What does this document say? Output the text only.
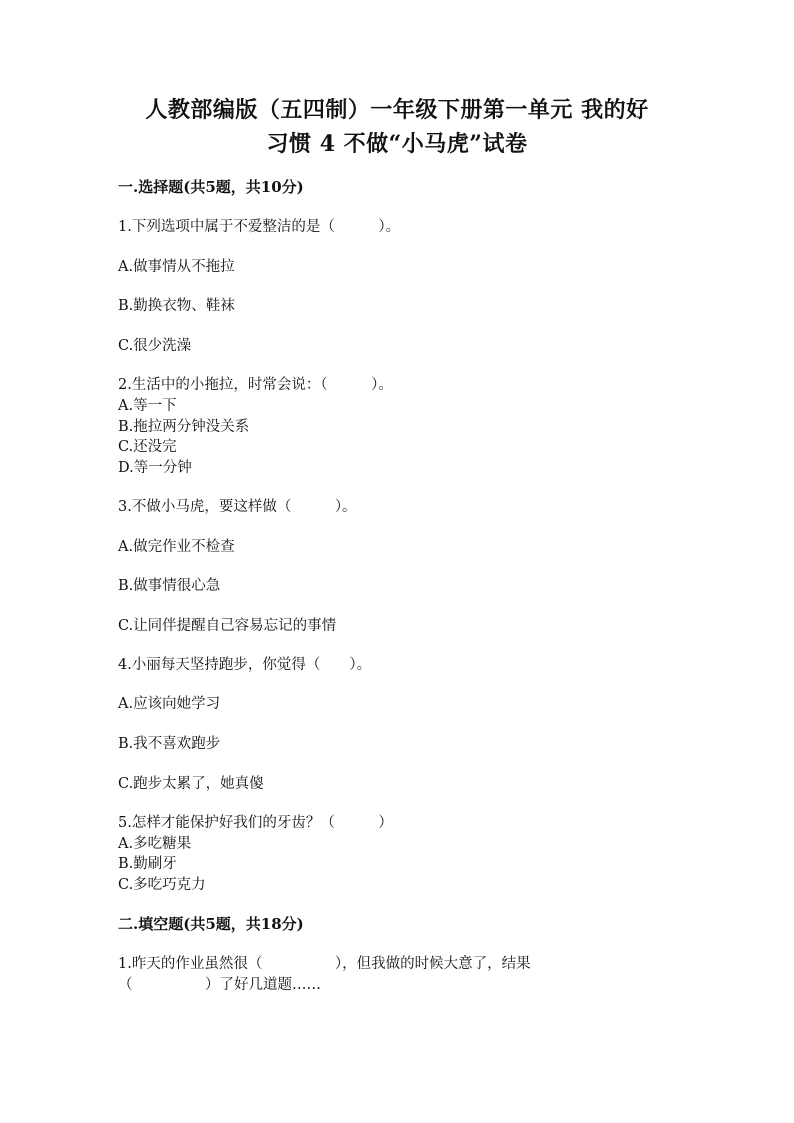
人教部编版（五四制）一年级下册第一单元 我的好
习惯 4 不做“小马虎”试卷
一.选择题(共5题，共10分)
1.下列选项中属于不爱整洁的是（　　　）。
A.做事情从不拖拉
B.勤换衣物、鞋袜
C.很少洗澡
2.生活中的小拖拉，时常会说：（　　　）。
A.等一下
B.拖拉两分钟没关系
C.还没完
D.等一分钟
3.不做小马虎，要这样做（　　　）。
A.做完作业不检查
B.做事情很心急
C.让同伴提醒自己容易忘记的事情
4.小丽每天坚持跑步，你觉得（　　）。
A.应该向她学习
B.我不喜欢跑步
C.跑步太累了，她真傻
5.怎样才能保护好我们的牙齿？（　　　）
A.多吃糖果
B.勤刷牙
C.多吃巧克力
二.填空题(共5题，共18分)
1.昨天的作业虽然很（　　　　　），但我做的时候大意了，结果
（　　　　　）了好几道题……
